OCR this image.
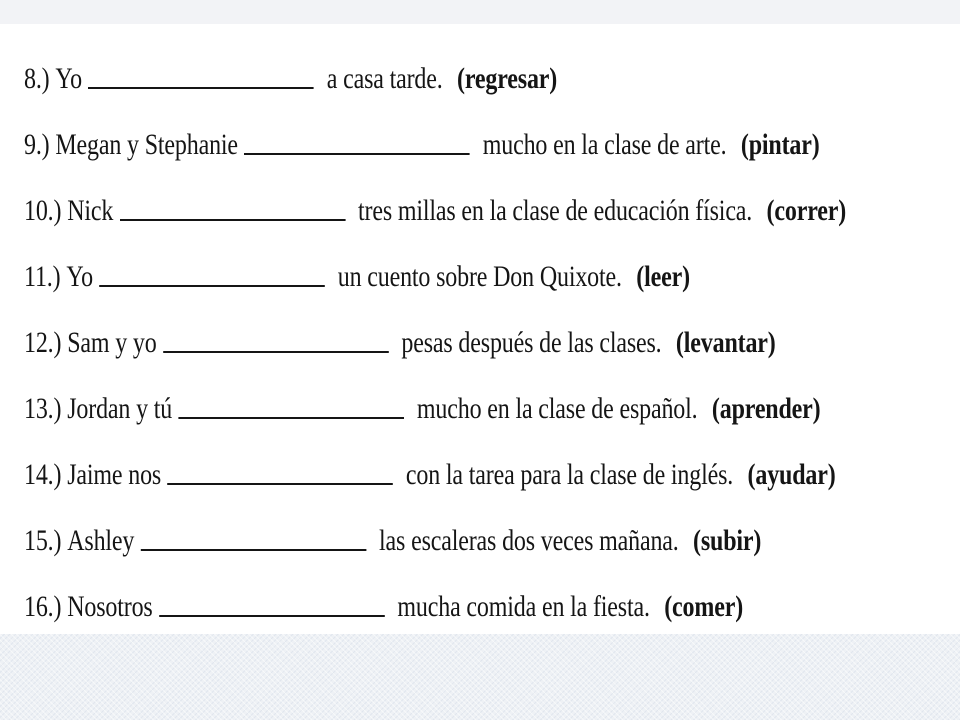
8.)
Yo	a casa tarde. (regresar)
9.)
Megan y Stephanie	mucho en la clase de arte. (pintar)
10.)
Nick	tres millas en la clase de educación física. (correr)
11.)
Yo	un cuento sobre Don Quixote. (leer)
12.)
Sam y yo	pesas después de las clases. (levantar)
13.)
Jordan y tú	mucho en la clase de español. (aprender)
14.)
Jaime nos	con la tarea para la clase de inglés. (ayudar)
15.)
Ashley	las escaleras dos veces mañana. (subir)
16.)
Nosotros	mucha comida en la fiesta. (comer)
